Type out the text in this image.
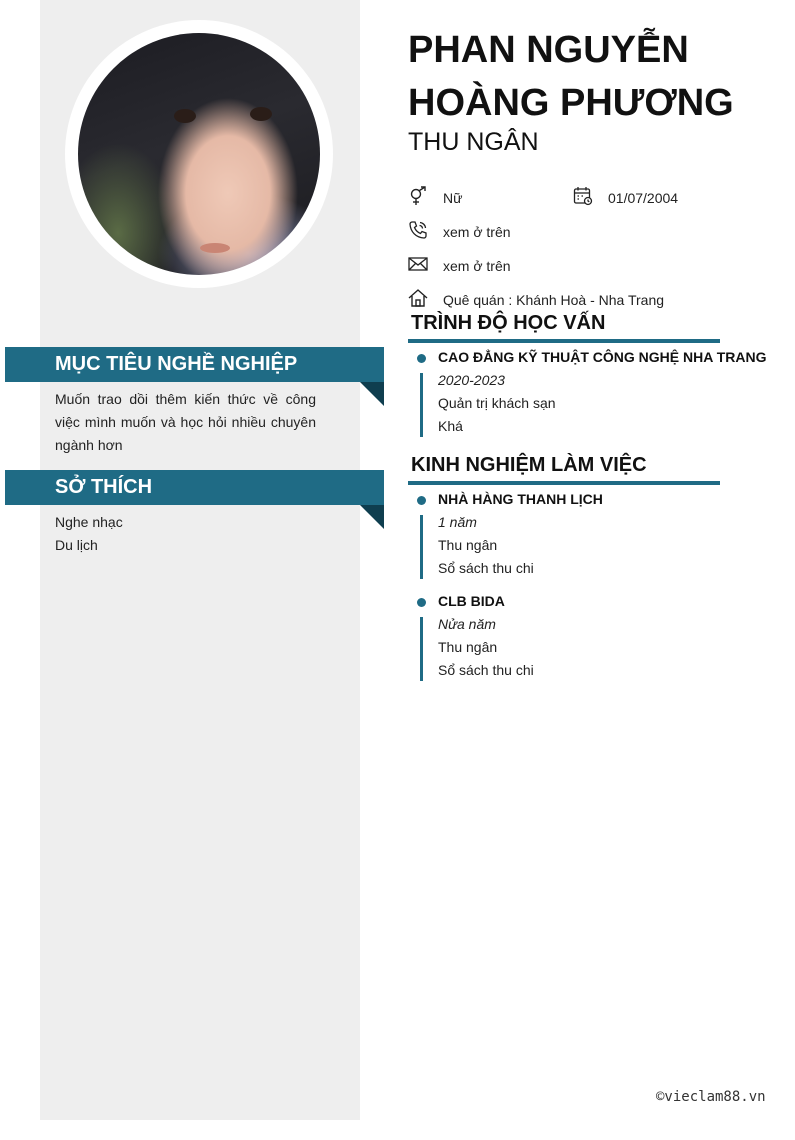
PHAN NGUYỄN
HOÀNG PHƯƠNG
THU NGÂN
Nữ	01/07/2004
xem ở trên
xem ở trên
Quê quán : Khánh Hoà - Nha Trang
MỤC TIÊU NGHỀ NGHIỆP
Muốn trao dồi thêm kiến thức về công việc mình muốn và học hỏi nhiều chuyên ngành hơn
SỞ THÍCH
Nghe nhạc
Du lịch
TRÌNH ĐỘ HỌC VẤN
CAO ĐẲNG KỸ THUẬT CÔNG NGHỆ NHA TRANG
2020-2023
Quản trị khách sạn
Khá
KINH NGHIỆM LÀM VIỆC
NHÀ HÀNG THANH LỊCH
1 năm
Thu ngân
Sổ sách thu chi
CLB BIDA
Nửa năm
Thu ngân
Sổ sách thu chi
©vieclam88.vn
